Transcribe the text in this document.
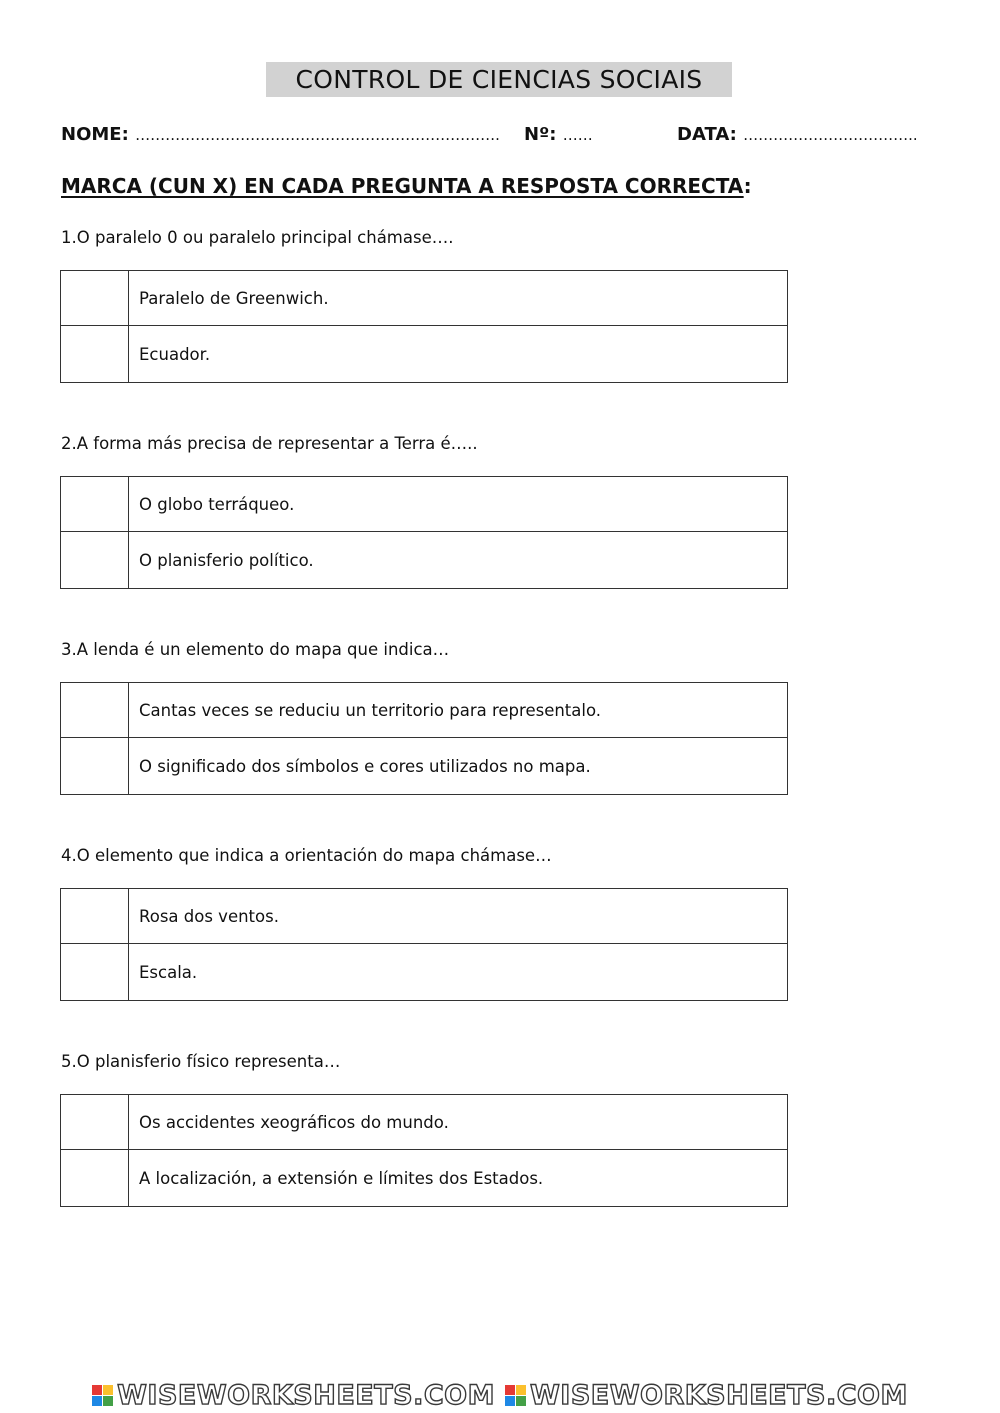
CONTROL DE CIENCIAS SOCIAIS
NOME: ………………………………………………………………. Nº: ……	DATA: ……………………………..
MARCA (CUN X) EN CADA PREGUNTA A RESPOSTA CORRECTA:
1.O paralelo 0 ou paralelo principal chámase….
Paralelo de Greenwich.
Ecuador.
2.A forma más precisa de representar a Terra é…..
O globo terráqueo.
O planisferio político.
3.A lenda é un elemento do mapa que indica…
Cantas veces se reduciu un territorio para representalo.
O significado dos símbolos e cores utilizados no mapa.
4.O elemento que indica a orientación do mapa chámase…
Rosa dos ventos.
Escala.
5.O planisferio físico representa…
Os accidentes xeográficos do mundo.
A localización, a extensión e límites dos Estados.
WISEWORKSHEETS.COM WISEWORKSHEETS.COM
